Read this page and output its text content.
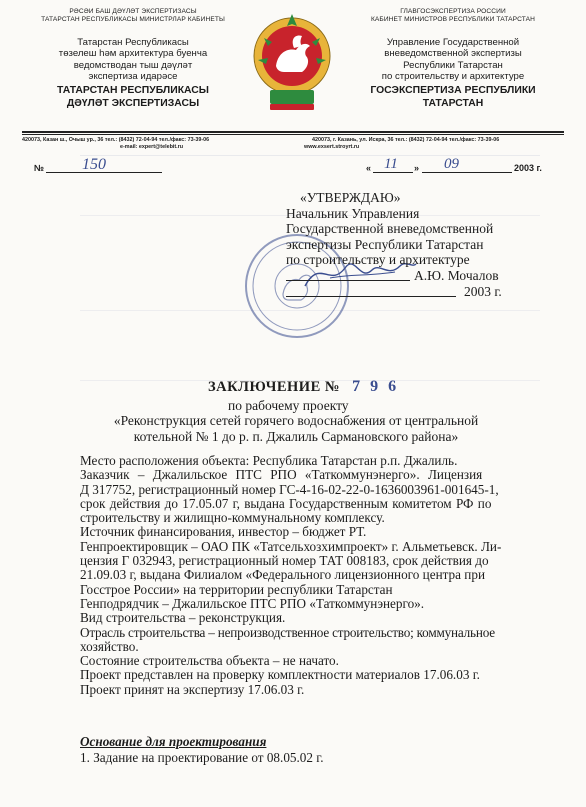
РӘСӘИ БАШ ДӘҮЛӘТ ЭКСПЕРТИЗАСЫ
ТАТАРСТАН РЕСПУБЛИКАСЫ МИНИСТРЛАР КАБИНЕТЫ
Татарстан Республикасы
төзелеш һәм архитектура буенча
ведомстводан тыш дәүләт
экспертиза идарәсе
ТАТАРСТАН РЕСПУБЛИКАСЫ
ДӘҮЛӘТ ЭКСПЕРТИЗАСЫ
ГЛАВГОСЭКСПЕРТИЗА РОССИИ
КАБИНЕТ МИНИСТРОВ РЕСПУБЛИКИ ТАТАРСТАН
Управление Государственной
вневедомственной экспертизы
Республики Татарстан
по строительству и архитектуре
ГОСЭКСПЕРТИЗА РЕСПУБЛИКИ
ТАТАРСТАН
420073, Казан ш., Очыш ур., 36 тел.: (8432) 72-04-94 тел./факс: 73-39-06
e-mail: expert@telebit.ru
420073, г. Казань, ул. Искра, 36 тел.: (8432) 72-04-94 тел./факс: 73-39-06
www.exsert.stroyrt.ru
№ 150	« 11 » 09	2003 г.
«УТВЕРЖДАЮ»
Начальник Управления
Государственной вневедомственной
экспертизы Республики Татарстан
по строительству и архитектуре
А.Ю. Мочалов
2003 г.
ЗАКЛЮЧЕНИЕ № 7 9 6
по рабочему проекту
«Реконструкция сетей горячего водоснабжения от центральной
котельной № 1 до р. п. Джалиль Сармановского района»
Место расположения объекта: Республика Татарстан р.п. Джалиль.
Заказчик – Джалильское ПТС РПО «Таткоммунэнерго». Лицензия
Д 317752, регистрационный номер ГС-4-16-02-22-0-1636003961-001645-1,
срок действия до 17.05.07 г, выдана Государственным комитетом РФ по
строительству и жилищно-коммунальному комплексу.
Источник финансирования, инвестор – бюджет РТ.
Генпроектировщик – ОАО ПК «Татсельхозхимпроект» г. Альметьевск. Ли-
цензия Г 032943, регистрационный номер ТАТ 008183, срок действия до
21.09.03 г, выдана Филиалом «Федерального лицензионного центра при
Госстрое России» на территории республики Татарстан
Генподрядчик – Джалильское ПТС РПО «Таткоммунэнерго».
Вид строительства – реконструкция.
Отрасль строительства – непроизводственное строительство; коммунальное
хозяйство.
Состояние строительства объекта – не начато.
Проект представлен на проверку комплектности материалов 17.06.03 г.
Проект принят на экспертизу 17.06.03 г.
Основание для проектирования
1. Задание на проектирование от 08.05.02 г.
